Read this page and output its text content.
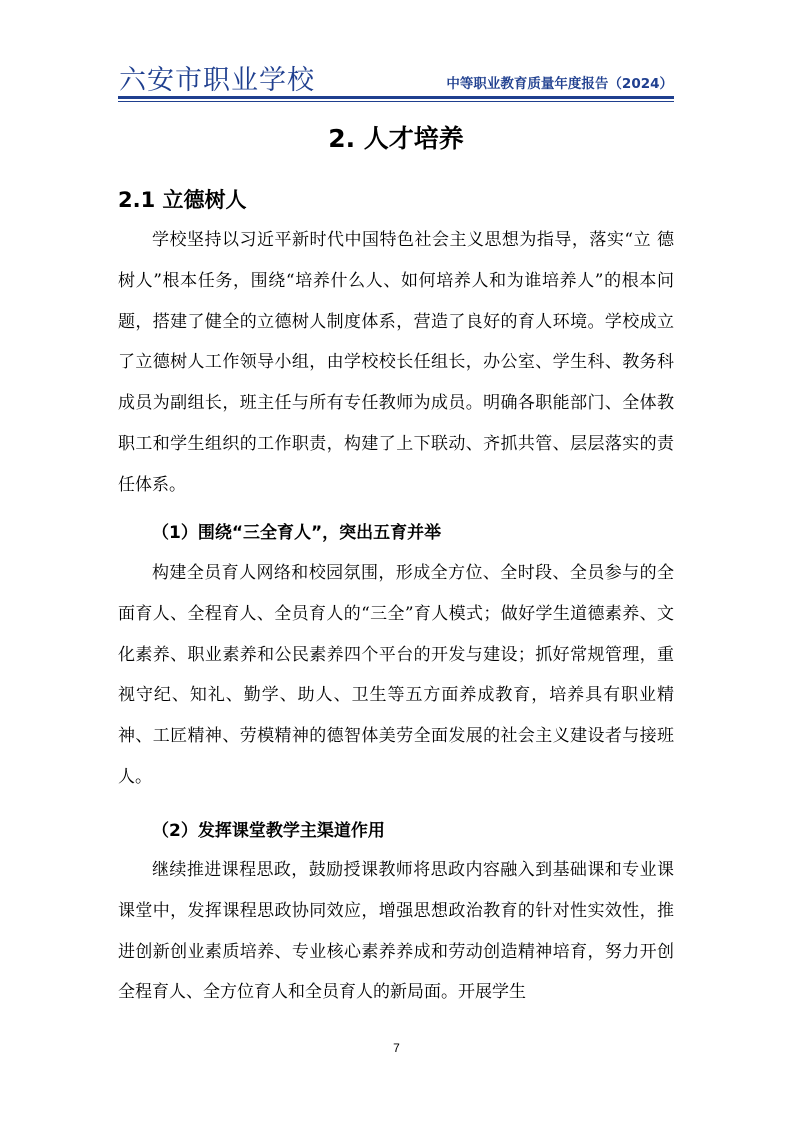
六安市职业学校	中等职业教育质量年度报告（2024）
2. 人才培养
2.1 立德树人

学校坚持以习近平新时代中国特色社会主义思想为指导，落实“立 德树人”根本任务，围绕“培养什么人、如何培养人和为谁培养人”的根本问题，搭建了健全的立德树人制度体系，营造了良好的育人环境。学校成立了立德树人工作领导小组，由学校校长任组长，办公室、学生科、教务科成员为副组长，班主任与所有专任教师为成员。明确各职能部门、全体教职工和学生组织的工作职责，构建了上下联动、齐抓共管、层层落实的责任体系。

（1）围绕“三全育人”，突出五育并举

构建全员育人网络和校园氛围，形成全方位、全时段、全员参与的全面育人、全程育人、全员育人的“三全”育人模式；做好学生道德素养、文化素养、职业素养和公民素养四个平台的开发与建设；抓好常规管理，重视守纪、知礼、勤学、助人、卫生等五方面养成教育，培养具有职业精神、工匠精神、劳模精神的德智体美劳全面发展的社会主义建设者与接班人。

（2）发挥课堂教学主渠道作用

继续推进课程思政，鼓励授课教师将思政内容融入到基础课和专业课课堂中，发挥课程思政协同效应，增强思想政治教育的针对性实效性，推进创新创业素质培养、专业核心素养养成和劳动创造精神培育，努力开创全程育人、全方位育人和全员育人的新局面。开展学生

7
